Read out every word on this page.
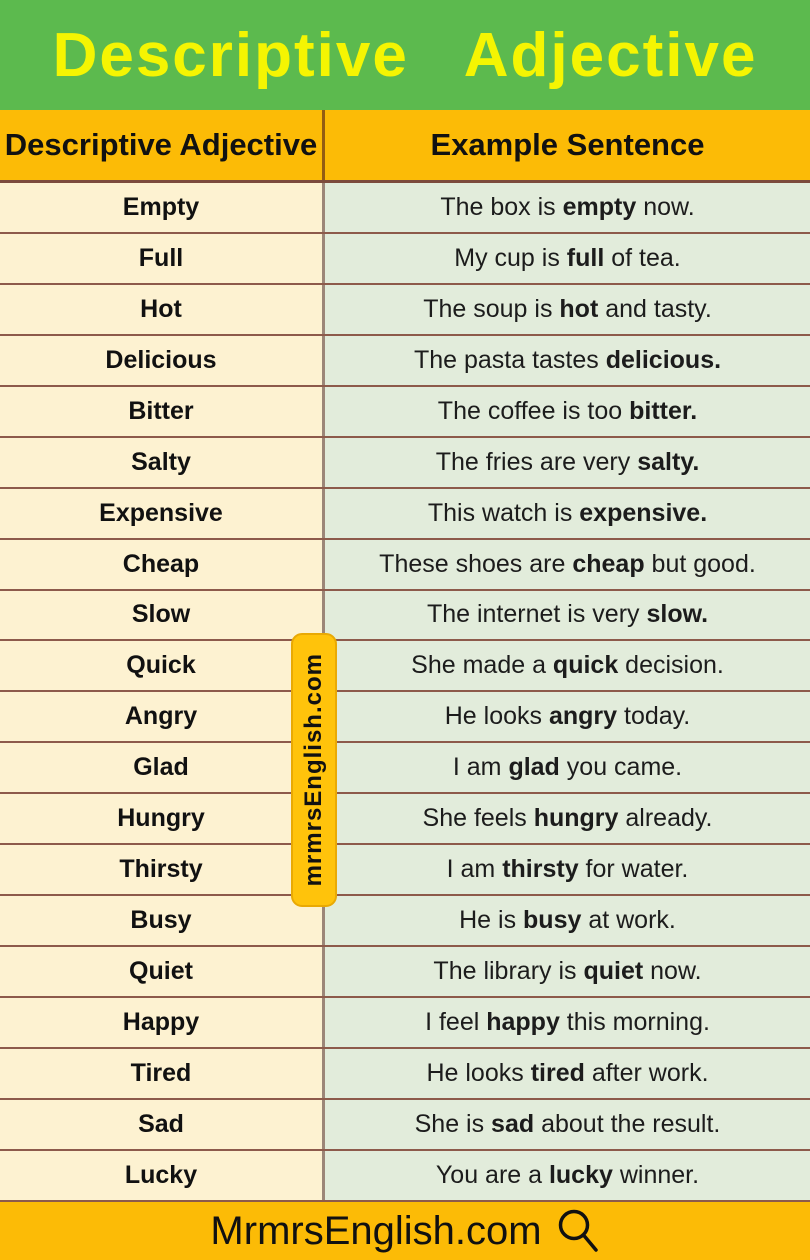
Descriptive Adjective
Descriptive Adjective	Example Sentence
Empty	The box is empty now.
Full	My cup is full of tea.
Hot	The soup is hot and tasty.
Delicious	The pasta tastes delicious.
Bitter	The coffee is too bitter.
Salty	The fries are very salty.
Expensive	This watch is expensive.
Cheap	These shoes are cheap but good.
Slow	The internet is very slow.
Quick	She made a quick decision.
Angry	He looks angry today.
Glad	I am glad you came.
Hungry	She feels hungry already.
Thirsty	I am thirsty for water.
Busy	He is busy at work.
Quiet	The library is quiet now.
Happy	I feel happy this morning.
Tired	He looks tired after work.
Sad	She is sad about the result.
Lucky	You are a lucky winner.
mrmrsEnglish.com
MrmrsEnglish.com
